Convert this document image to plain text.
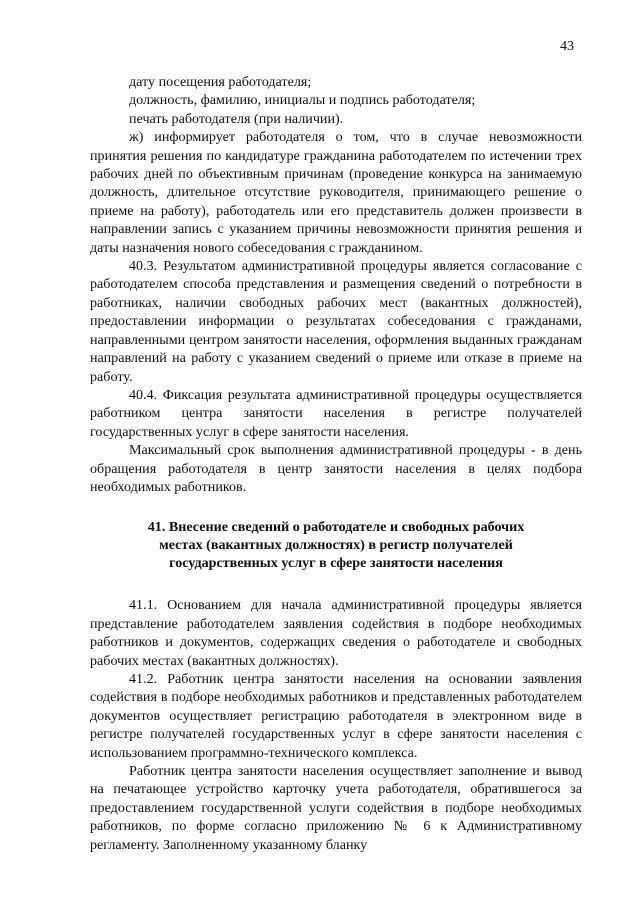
43

дату посещения работодателя;

должность, фамилию, инициалы и подпись работодателя;

печать работодателя (при наличии).

ж) информирует работодателя о том, что в случае невозможности принятия решения по кандидатуре гражданина работодателем по истечении трех рабочих дней по объективным причинам (проведение конкурса на занимаемую должность, длительное отсутствие руководителя, принимающего решение о приеме на работу), работодатель или его представитель должен произвести в направлении запись с указанием причины невозможности принятия решения и даты назначения нового собеседования с гражданином.

40.3. Результатом административной процедуры является согласование с работодателем способа представления и размещения сведений о потребности в работниках, наличии свободных рабочих мест (вакантных должностей), предоставлении информации о результатах собеседования с гражданами, направленными центром занятости населения, оформления выданных гражданам направлений на работу с указанием сведений о приеме или отказе в приеме на работу.

40.4. Фиксация результата административной процедуры осуществляется работником центра занятости населения в регистре получателей государственных услуг в сфере занятости населения.

Максимальный срок выполнения административной процедуры - в день обращения работодателя в центр занятости населения в целях подбора необходимых работников.

41. Внесение сведений о работодателе и свободных рабочих
местах (вакантных должностях) в регистр получателей
государственных услуг в сфере занятости населения

41.1. Основанием для начала административной процедуры является представление работодателем заявления содействия в подборе необходимых работников и документов, содержащих сведения о работодателе и свободных рабочих местах (вакантных должностях).

41.2. Работник центра занятости населения на основании заявления содействия в подборе необходимых работников и представленных работодателем документов осуществляет регистрацию работодателя в электронном виде в регистре получателей государственных услуг в сфере занятости населения с использованием программно-технического комплекса.

Работник центра занятости населения осуществляет заполнение и вывод на печатающее устройство карточку учета работодателя, обратившегося за предоставлением государственной услуги содействия в подборе необходимых работников, по форме согласно приложению № 6 к Административному регламенту. Заполненному указанному бланку
